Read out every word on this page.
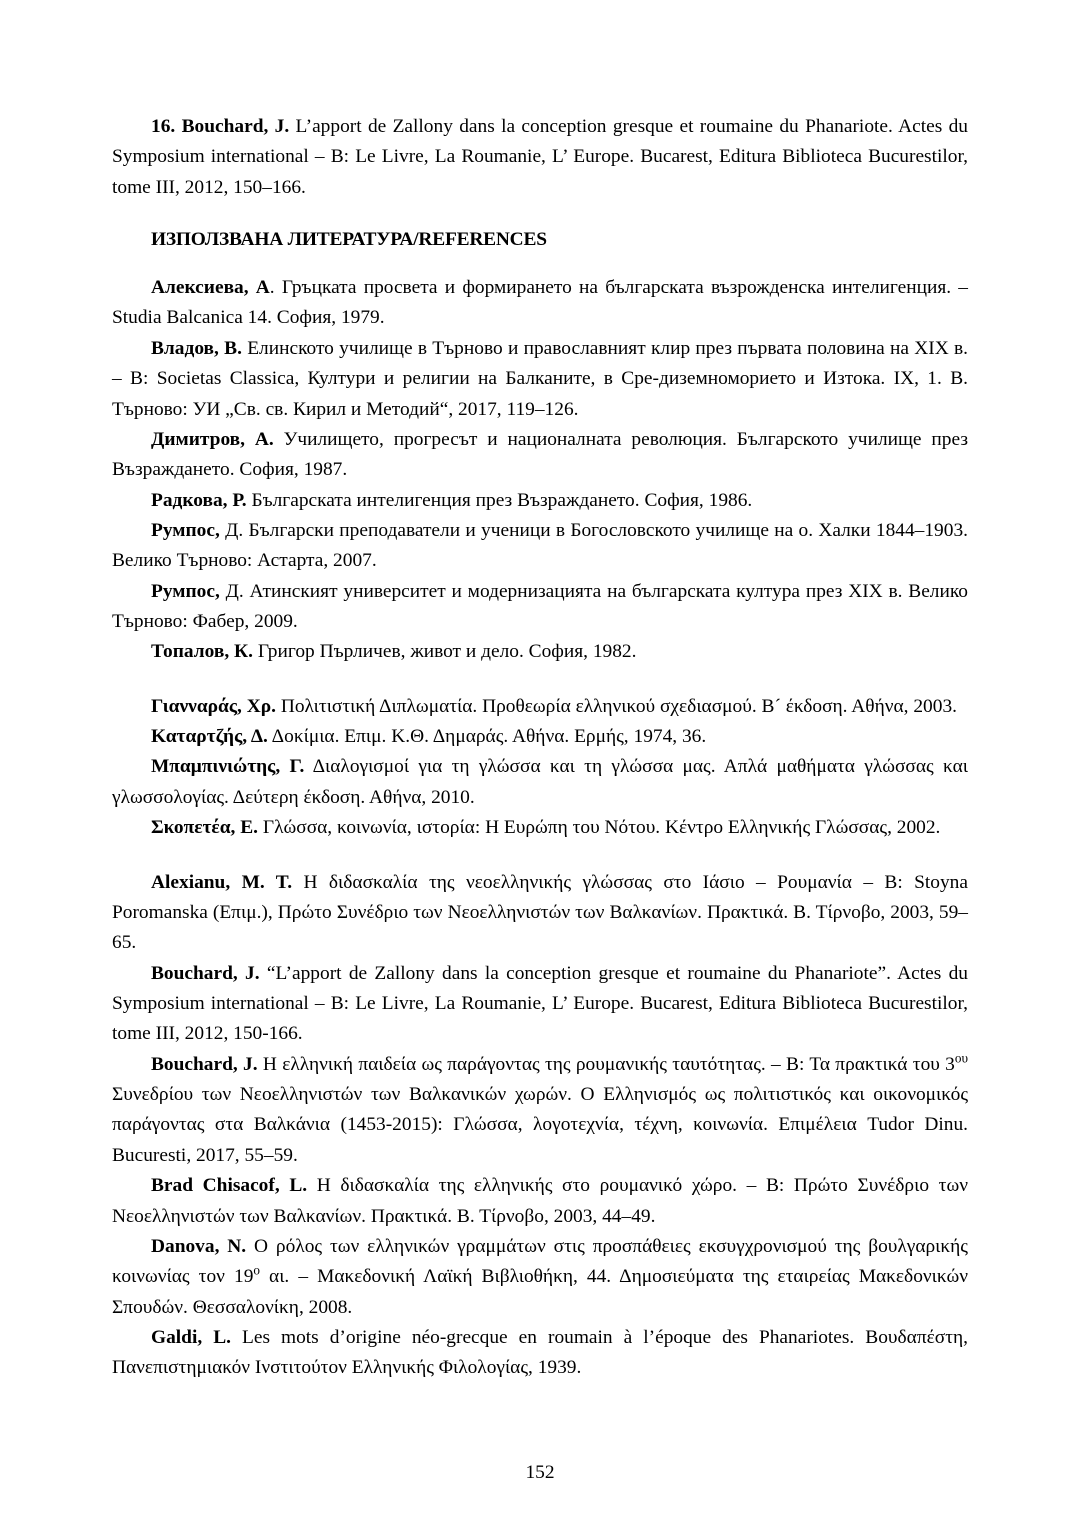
16. Bouchard, J. L’apport de Zallony dans la conception gresque et roumaine du Phanariote. Actes du Symposium international – B: Le Livre, La Roumanie, L’ Europe. Bucarest, Editura Biblioteca Bucurestilor, tome III, 2012, 150–166.

ИЗПОЛЗВАНА ЛИТЕРАТУРА/REFERENCES

Алексиева, А. Гръцката просвета и формирането на българската възрожденска интелигенция. – Studia Balcanica 14. София, 1979.

Владов, В. Елинското училище в Търново и православният клир през първата половина на XIX в. – B: Societas Classica, Култури и религии на Балканите, в Сре-диземноморието и Изтока. IX, 1. В. Търново: УИ „Св. св. Кирил и Методий“, 2017, 119–126.

Димитров, А. Училището, прогресът и националната революция. Българското училище през Възраждането. София, 1987.

Радкова, Р. Българската интелигенция през Възраждането. София, 1986.

Румпос, Д. Български преподаватели и ученици в Богословското училище на о. Халки 1844–1903. Велико Търново: Астарта, 2007.

Румпос, Д. Атинският университет и модернизацията на българската култура през XIX в. Велико Търново: Фабер, 2009.

Топалов, К. Григор Пърличев, живот и дело. София, 1982.

Γιανναράς, Χρ. Πολιτιστική Διπλωματία. Προθεωρία ελληνικού σχεδιασμού. Β´ έκδοση. Αθήνα, 2003.

Καταρτζής, Δ. Δοκίμια. Επιμ. Κ.Θ. Δημαράς. Αθήνα. Ερμής, 1974, 36.

Μπαμπινιώτης, Γ. Διαλογισμοί για τη γλώσσα και τη γλώσσα μας. Απλά μαθήματα γλώσσας και γλωσσολογίας. Δεύτερη έκδοση. Αθήνα, 2010.

Σκοπετέα, Ε. Γλώσσα, κοινωνία, ιστορία: Η Ευρώπη του Νότου. Κέντρο Ελληνικής Γλώσσας, 2002.

Alexianu, M. T. Η διδασκαλία της νεοελληνικής γλώσσας στο Ιάσιο – Ρουμανία – Β: Stoyna Poromanska (Επιμ.), Πρώτο Συνέδριο των Νεοελληνιστών των Βαλκανίων. Πρακτικά. Β. Τίρνοβο, 2003, 59–65.

Bouchard, J. “L’apport de Zallony dans la conception gresque et roumaine du Phanariote”. Actes du Symposium international – B: Le Livre, La Roumanie, L’ Europe. Bucarest, Editura Biblioteca Bucurestilor, tome III, 2012, 150-166.

Bouchard, J. Η ελληνική παιδεία ως παράγοντας της ρουμανικής ταυτότητας. – Β: Τα πρακτικά του $3^{o\upsilon}$ Συνεδρίου των Νεοελληνιστών των Βαλκανικών χωρών. Ο Ελληνισμός ως πολιτιστικός και οικονομικός παράγοντας στα Βαλκάνια (1453-2015): Γλώσσα, λογοτεχνία, τέχνη, κοινωνία. Επιμέλεια Tudor Dinu. Bucuresti, 2017, 55–59.

Brad Chisacof, L. Η διδασκαλία της ελληνικής στο ρουμανικό χώρο. – Β: Πρώτο Συνέδριο των Νεοελληνιστών των Βαλκανίων. Πρακτικά. Β. Τίρνοβο, 2003, 44–49.

Danova, N. Ο ρόλος των ελληνικών γραμμάτων στις προσπάθειες εκσυγχρονισμού της βουλγαρικής κοινωνίας τον $19^o$ αι. – Μακεδονική Λαϊκή Βιβλιοθήκη, 44. Δημοσιεύματα της εταιρείας Μακεδονικών Σπουδών. Θεσσαλονίκη, 2008.

Galdi, L. Les mots d’origine néo-grecque en roumain à l’époque des Phanariotes. Βουδαπέστη, Πανεπιστημιακόν Ινστιτούτον Ελληνικής Φιλολογίας, 1939.

152
